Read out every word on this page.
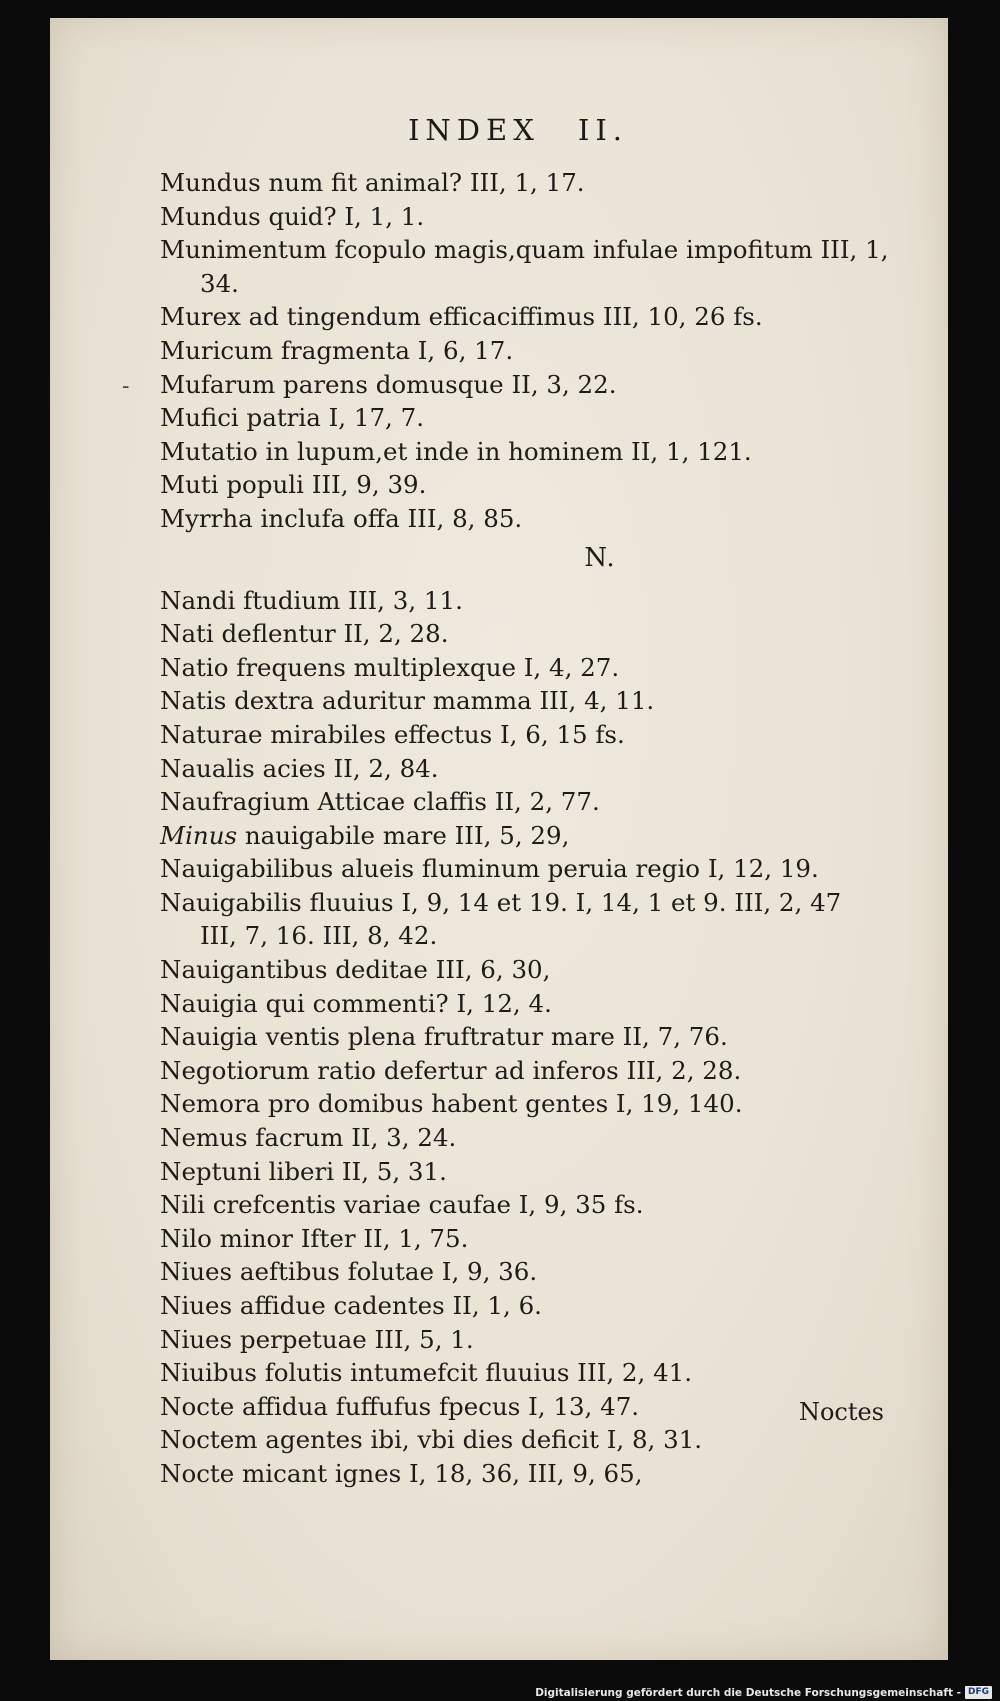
INDEX II.
-
Mundus num fit animal? III, 1, 17.
Mundus quid? I, 1, 1.
Munimentum fcopulo magis,quam infulae impofitum III, 1,
34.
Murex ad tingendum efficaciffimus III, 10, 26 fs.
Muricum fragmenta I, 6, 17.
Mufarum parens domusque II, 3, 22.
Mufici patria I, 17, 7.
Mutatio in lupum,et inde in hominem II, 1, 121.
Muti populi III, 9, 39.
Myrrha inclufa offa III, 8, 85.
N.
Nandi ftudium III, 3, 11.
Nati deflentur II, 2, 28.
Natio frequens multiplexque I, 4, 27.
Natis dextra aduritur mamma III, 4, 11.
Naturae mirabiles effectus I, 6, 15 fs.
Naualis acies II, 2, 84.
Naufragium Atticae claffis II, 2, 77.
Minus nauigabile mare III, 5, 29,
Nauigabilibus alueis fluminum peruia regio I, 12, 19.
Nauigabilis fluuius I, 9, 14 et 19. I, 14, 1 et 9. III, 2, 47
III, 7, 16. III, 8, 42.
Nauigantibus deditae III, 6, 30,
Nauigia qui commenti? I, 12, 4.
Nauigia ventis plena fruftratur mare II, 7, 76.
Negotiorum ratio defertur ad inferos III, 2, 28.
Nemora pro domibus habent gentes I, 19, 140.
Nemus facrum II, 3, 24.
Neptuni liberi II, 5, 31.
Nili crefcentis variae caufae I, 9, 35 fs.
Nilo minor Ifter II, 1, 75.
Niues aeftibus folutae I, 9, 36.
Niues affidue cadentes II, 1, 6.
Niues perpetuae III, 5, 1.
Niuibus folutis intumefcit fluuius III, 2, 41.
Nocte affidua fuffufus fpecus I, 13, 47.
Noctem agentes ibi, vbi dies deficit I, 8, 31.
Nocte micant ignes I, 18, 36, III, 9, 65,
Noctes
Digitalisierung gefördert durch die Deutsche Forschungsgemeinschaft - DFG
